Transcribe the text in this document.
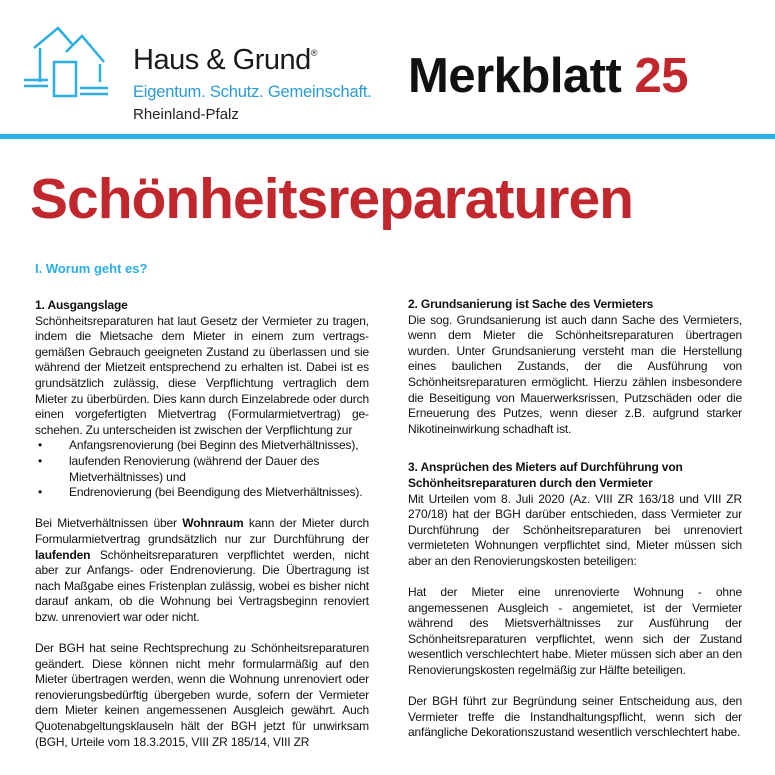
Haus & Grund®
Eigentum. Schutz. Gemeinschaft.
Rheinland-Pfalz
Merkblatt 25
Schönheitsreparaturen
I. Worum geht es?
1. Ausgangslage

Schönheitsreparaturen hat laut Gesetz der Vermieter zu tragen, indem die Mietsache dem Mieter in einem zum vertragsgemäßen Gebrauch geeigneten Zustand zu überlassen und sie während der Mietzeit entsprechend zu erhalten ist. Dabei ist es grundsätzlich zulässig, diese Verpflichtung vertraglich dem Mieter zu überbürden. Dies kann durch Einzelabrede oder durch einen vorgefertigten Mietvertrag (Formularmietvertrag) geschehen. Zu unterscheiden ist zwischen der Verpflichtung zur

• Anfangsrenovierung (bei Beginn des Mietverhältnisses),
• laufenden Renovierung (während der Dauer des Mietverhältnisses) und
• Endrenovierung (bei Beendigung des Mietverhältnisses).

Bei Mietverhältnissen über Wohnraum kann der Mieter durch Formularmietvertrag grundsätzlich nur zur Durchführung der laufenden Schönheitsreparaturen verpflichtet werden, nicht aber zur Anfangs- oder Endrenovierung. Die Übertragung ist nach Maßgabe eines Fristenplan zulässig, wobei es bisher nicht darauf ankam, ob die Wohnung bei Vertragsbeginn renoviert bzw. unrenoviert war oder nicht.

Der BGH hat seine Rechtsprechung zu Schönheitsreparaturen geändert. Diese können nicht mehr formularmäßig auf den Mieter übertragen werden, wenn die Wohnung unrenoviert oder renovierungsbedürftig übergeben wurde, sofern der Vermieter dem Mieter keinen angemessenen Ausgleich gewährt. Auch Quotenabgeltungsklauseln hält der BGH jetzt für unwirksam (BGH, Urteile vom 18.3.2015, VIII ZR 185/14, VIII ZR

2. Grundsanierung ist Sache des Vermieters

Die sog. Grundsanierung ist auch dann Sache des Vermieters, wenn dem Mieter die Schönheitsreparaturen übertragen wurden. Unter Grundsanierung versteht man die Herstellung eines baulichen Zustands, der die Ausführung von Schönheitsreparaturen ermöglicht. Hierzu zählen insbesondere die Beseitigung von Mauerwerksrissen, Putzschäden oder die Erneuerung des Putzes, wenn dieser z.B. aufgrund starker Nikotineinwirkung schadhaft ist.

3. Ansprüchen des Mieters auf Durchführung von Schönheitsreparaturen durch den Vermieter

Mit Urteilen vom 8. Juli 2020 (Az. VIII ZR 163/18 und VIII ZR 270/18) hat der BGH darüber entschieden, dass Vermieter zur Durchführung der Schönheitsreparaturen bei unrenoviert vermieteten Wohnungen verpflichtet sind, Mieter müssen sich aber an den Renovierungskosten beteiligen:

Hat der Mieter eine unrenovierte Wohnung - ohne angemessenen Ausgleich - angemietet, ist der Vermieter während des Mietsverhältnisses zur Ausführung der Schönheitsreparaturen verpflichtet, wenn sich der Zustand wesentlich verschlechtert habe. Mieter müssen sich aber an den Renovierungskosten regelmäßig zur Hälfte beteiligen.

Der BGH führt zur Begründung seiner Entscheidung aus, den Vermieter treffe die Instandhaltungspflicht, wenn sich der anfängliche Dekorationszustand wesentlich verschlechtert habe.
